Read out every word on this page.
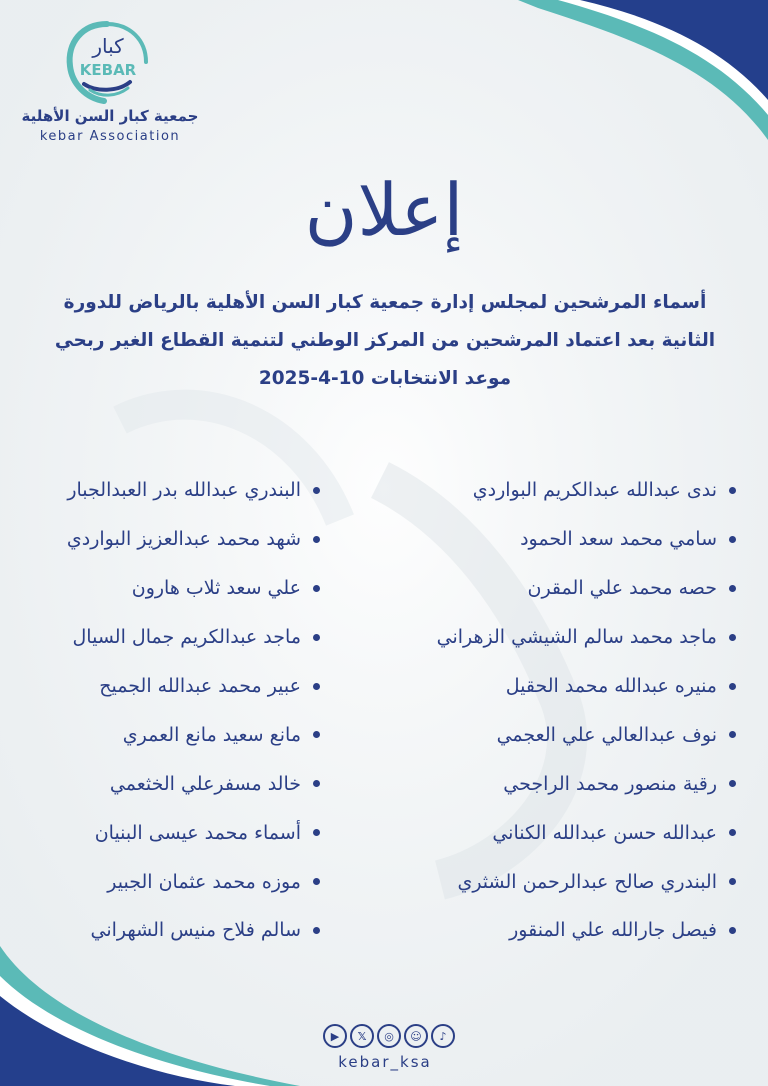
كبار
KEBAR
جمعية كبار السن الأهلية
kebar Association
إعلان
أسماء المرشحين لمجلس إدارة جمعية كبار السن الأهلية بالرياض للدورة
الثانية بعد اعتماد المرشحين من المركز الوطني لتنمية القطاع الغير ربحي
موعد الانتخابات 10-4-2025
ندى عبدالله عبدالكريم البواردي
سامي محمد سعد الحمود
حصه محمد علي المقرن
ماجد محمد سالم الشيشي الزهراني
منيره عبدالله محمد الحقيل
نوف عبدالعالي علي العجمي
رقية منصور محمد الراجحي
عبدالله حسن عبدالله الكناني
البندري صالح عبدالرحمن الشثري
فيصل جارالله علي المنقور
البندري عبدالله بدر العبدالجبار
شهد محمد عبدالعزيز البواردي
علي سعد ثلاب هارون
ماجد عبدالكريم جمال السيال
عبير محمد عبدالله الجميح
مانع سعيد مانع العمري
خالد مسفرعلي الخثعمي
أسماء محمد عيسى البنيان
موزه محمد عثمان الجبير
سالم فلاح منيس الشهراني
▶	𝕏	◎	☺	♪
kebar_ksa
